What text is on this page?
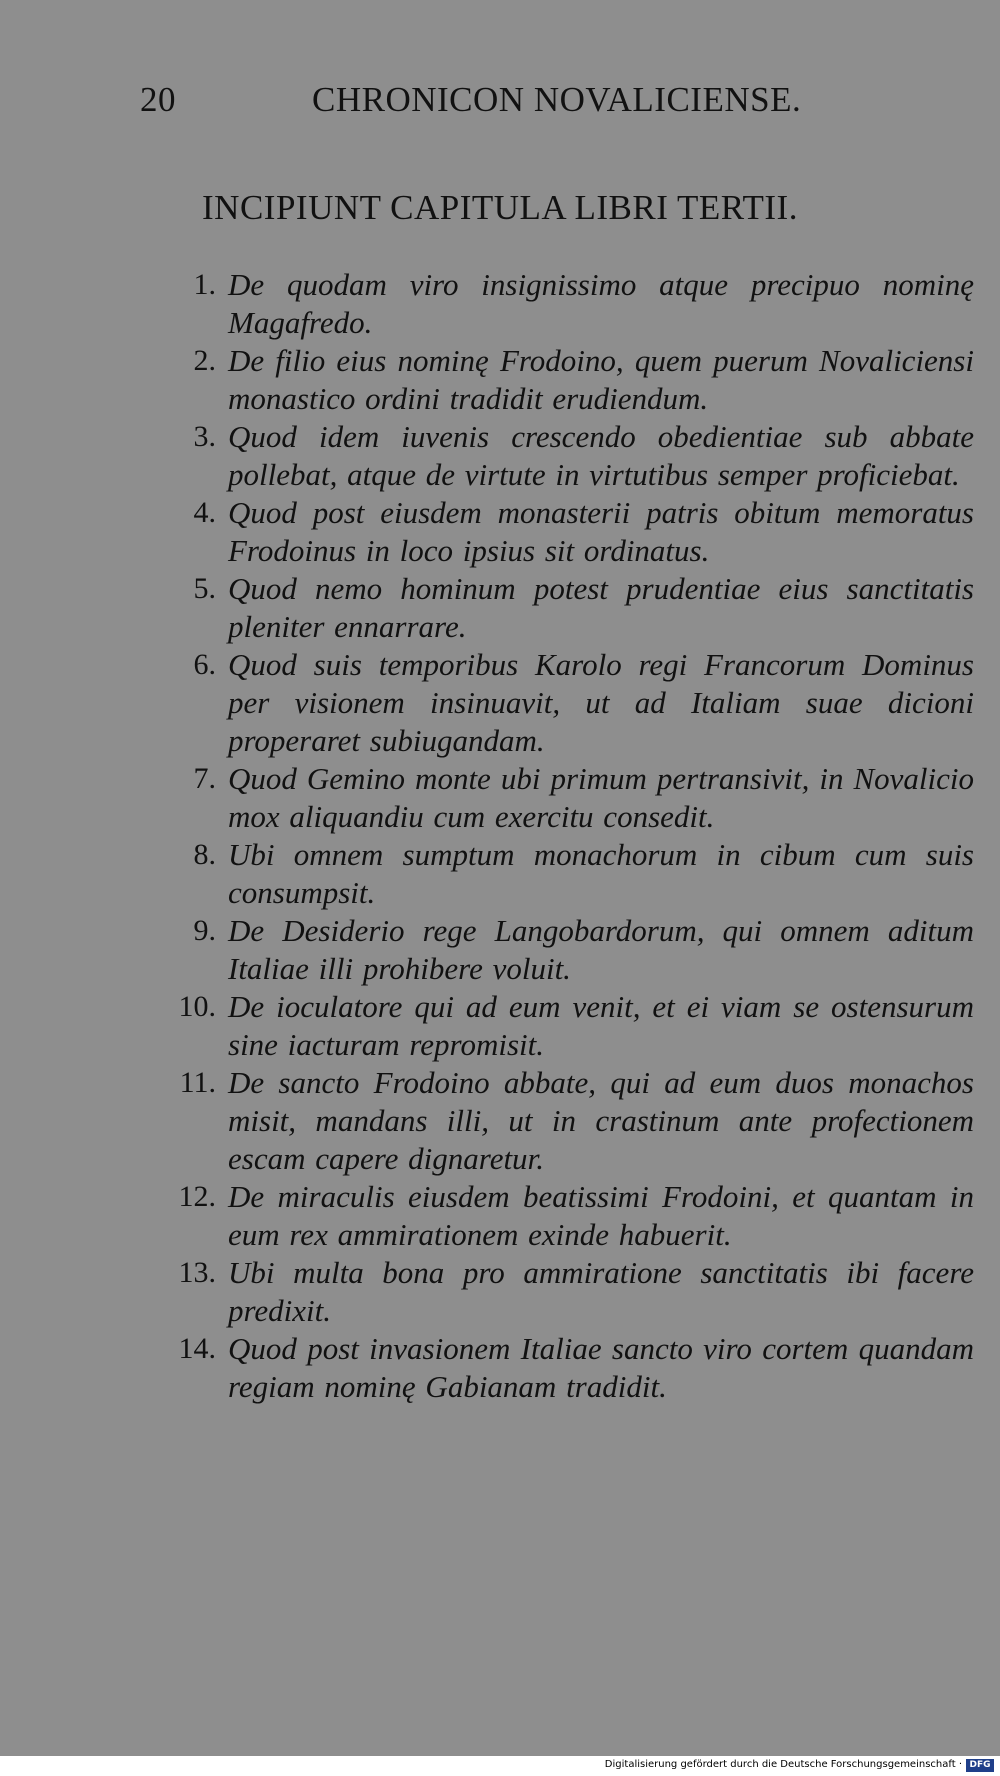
20	CHRONICON NOVALICIENSE.
INCIPIUNT CAPITULA LIBRI TERTII.
1. De quodam viro insignissimo atque precipuo nominę Magafredo.
2. De filio eius nominę Frodoino, quem puerum Novaliciensi monastico ordini tradidit erudiendum.
3. Quod idem iuvenis crescendo obedientiae sub abbate pollebat, atque de virtute in virtutibus semper proficiebat.
4. Quod post eiusdem monasterii patris obitum memoratus Frodoinus in loco ipsius sit ordinatus.
5. Quod nemo hominum potest prudentiae eius sanctitatis pleniter ennarrare.
6. Quod suis temporibus Karolo regi Francorum Dominus per visionem insinuavit, ut ad Italiam suae dicioni properaret subiugandam.
7. Quod Gemino monte ubi primum pertransivit, in Novalicio mox aliquandiu cum exercitu consedit.
8. Ubi omnem sumptum monachorum in cibum cum suis consumpsit.
9. De Desiderio rege Langobardorum, qui omnem aditum Italiae illi prohibere voluit.
10. De ioculatore qui ad eum venit, et ei viam se ostensurum sine iacturam repromisit.
11. De sancto Frodoino abbate, qui ad eum duos monachos misit, mandans illi, ut in crastinum ante profectionem escam capere dignaretur.
12. De miraculis eiusdem beatissimi Frodoini, et quantam in eum rex ammirationem exinde habuerit.
13. Ubi multa bona pro ammiratione sanctitatis ibi facere predixit.
14. Quod post invasionem Italiae sancto viro cortem quandam regiam nominę Gabianam tradidit.
Digitalisierung gefördert durch die Deutsche Forschungsgemeinschaft · DFG
